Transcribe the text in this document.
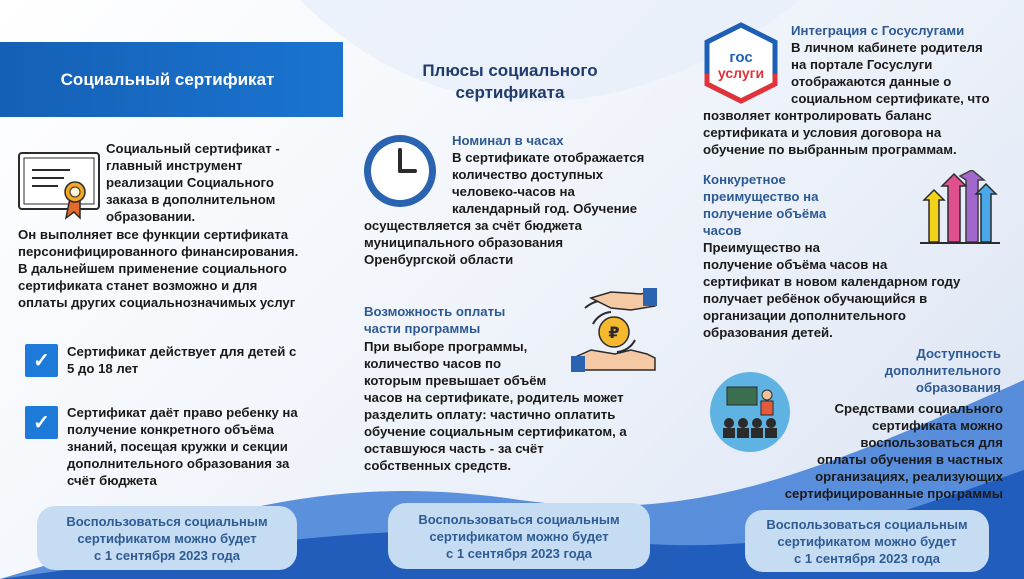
Социальный сертификат
Социальный сертификат -
главный инструмент
реализации Социального
заказа в дополнительном
образовании.
Он выполняет все функции сертификата
персонифицированного финансирования.
В дальнейшем применение социального
сертификата станет возможно и для
оплаты других социальнозначимых услуг
✓	Сертификат действует для детей с
5 до 18 лет
✓	Сертификат даёт право ребенку на
получение конкретного объёма
знаний, посещая кружки и секции
дополнительного образования за
счёт бюджета
Воспользоваться социальным
сертификатом можно будет
с 1 сентября 2023 года
Плюсы социального
сертификата
Номинал в часах
В сертификате отображается
количество доступных
человеко-часов на
календарный год. Обучение
осуществляется за счёт бюджета
муниципального образования
Оренбургской области
Возможность оплаты
части программы	₽
При выборе программы,
количество часов по
которым превышает объём
часов на сертификате, родитель может
разделить оплату: частично оплатить
обучение социальным сертификатом, а
оставшуюся часть - за счёт
собственных средств.
Воспользоваться социальным
сертификатом можно будет
с 1 сентября 2023 года
гос
услуги
Интеграция с Госуслугами
В личном кабинете родителя
на портале Госуслуги
отображаются данные о
социальном сертификате, что
позволяет контролировать баланс
сертификата и условия договора на
обучение по выбранным программам.
Конкуретное
преимущество на
получение объёма
часов
Преимущество на
получение объёма часов на
сертификат в новом календарном году
получает ребёнок обучающийся в
организации дополнительного
образования детей.
Доступность
дополнительного
образования
Средствами социального
сертификата можно
воспользоваться для
оплаты обучения в частных
организациях, реализующих
сертифицированные программы
Воспользоваться социальным
сертификатом можно будет
с 1 сентября 2023 года
